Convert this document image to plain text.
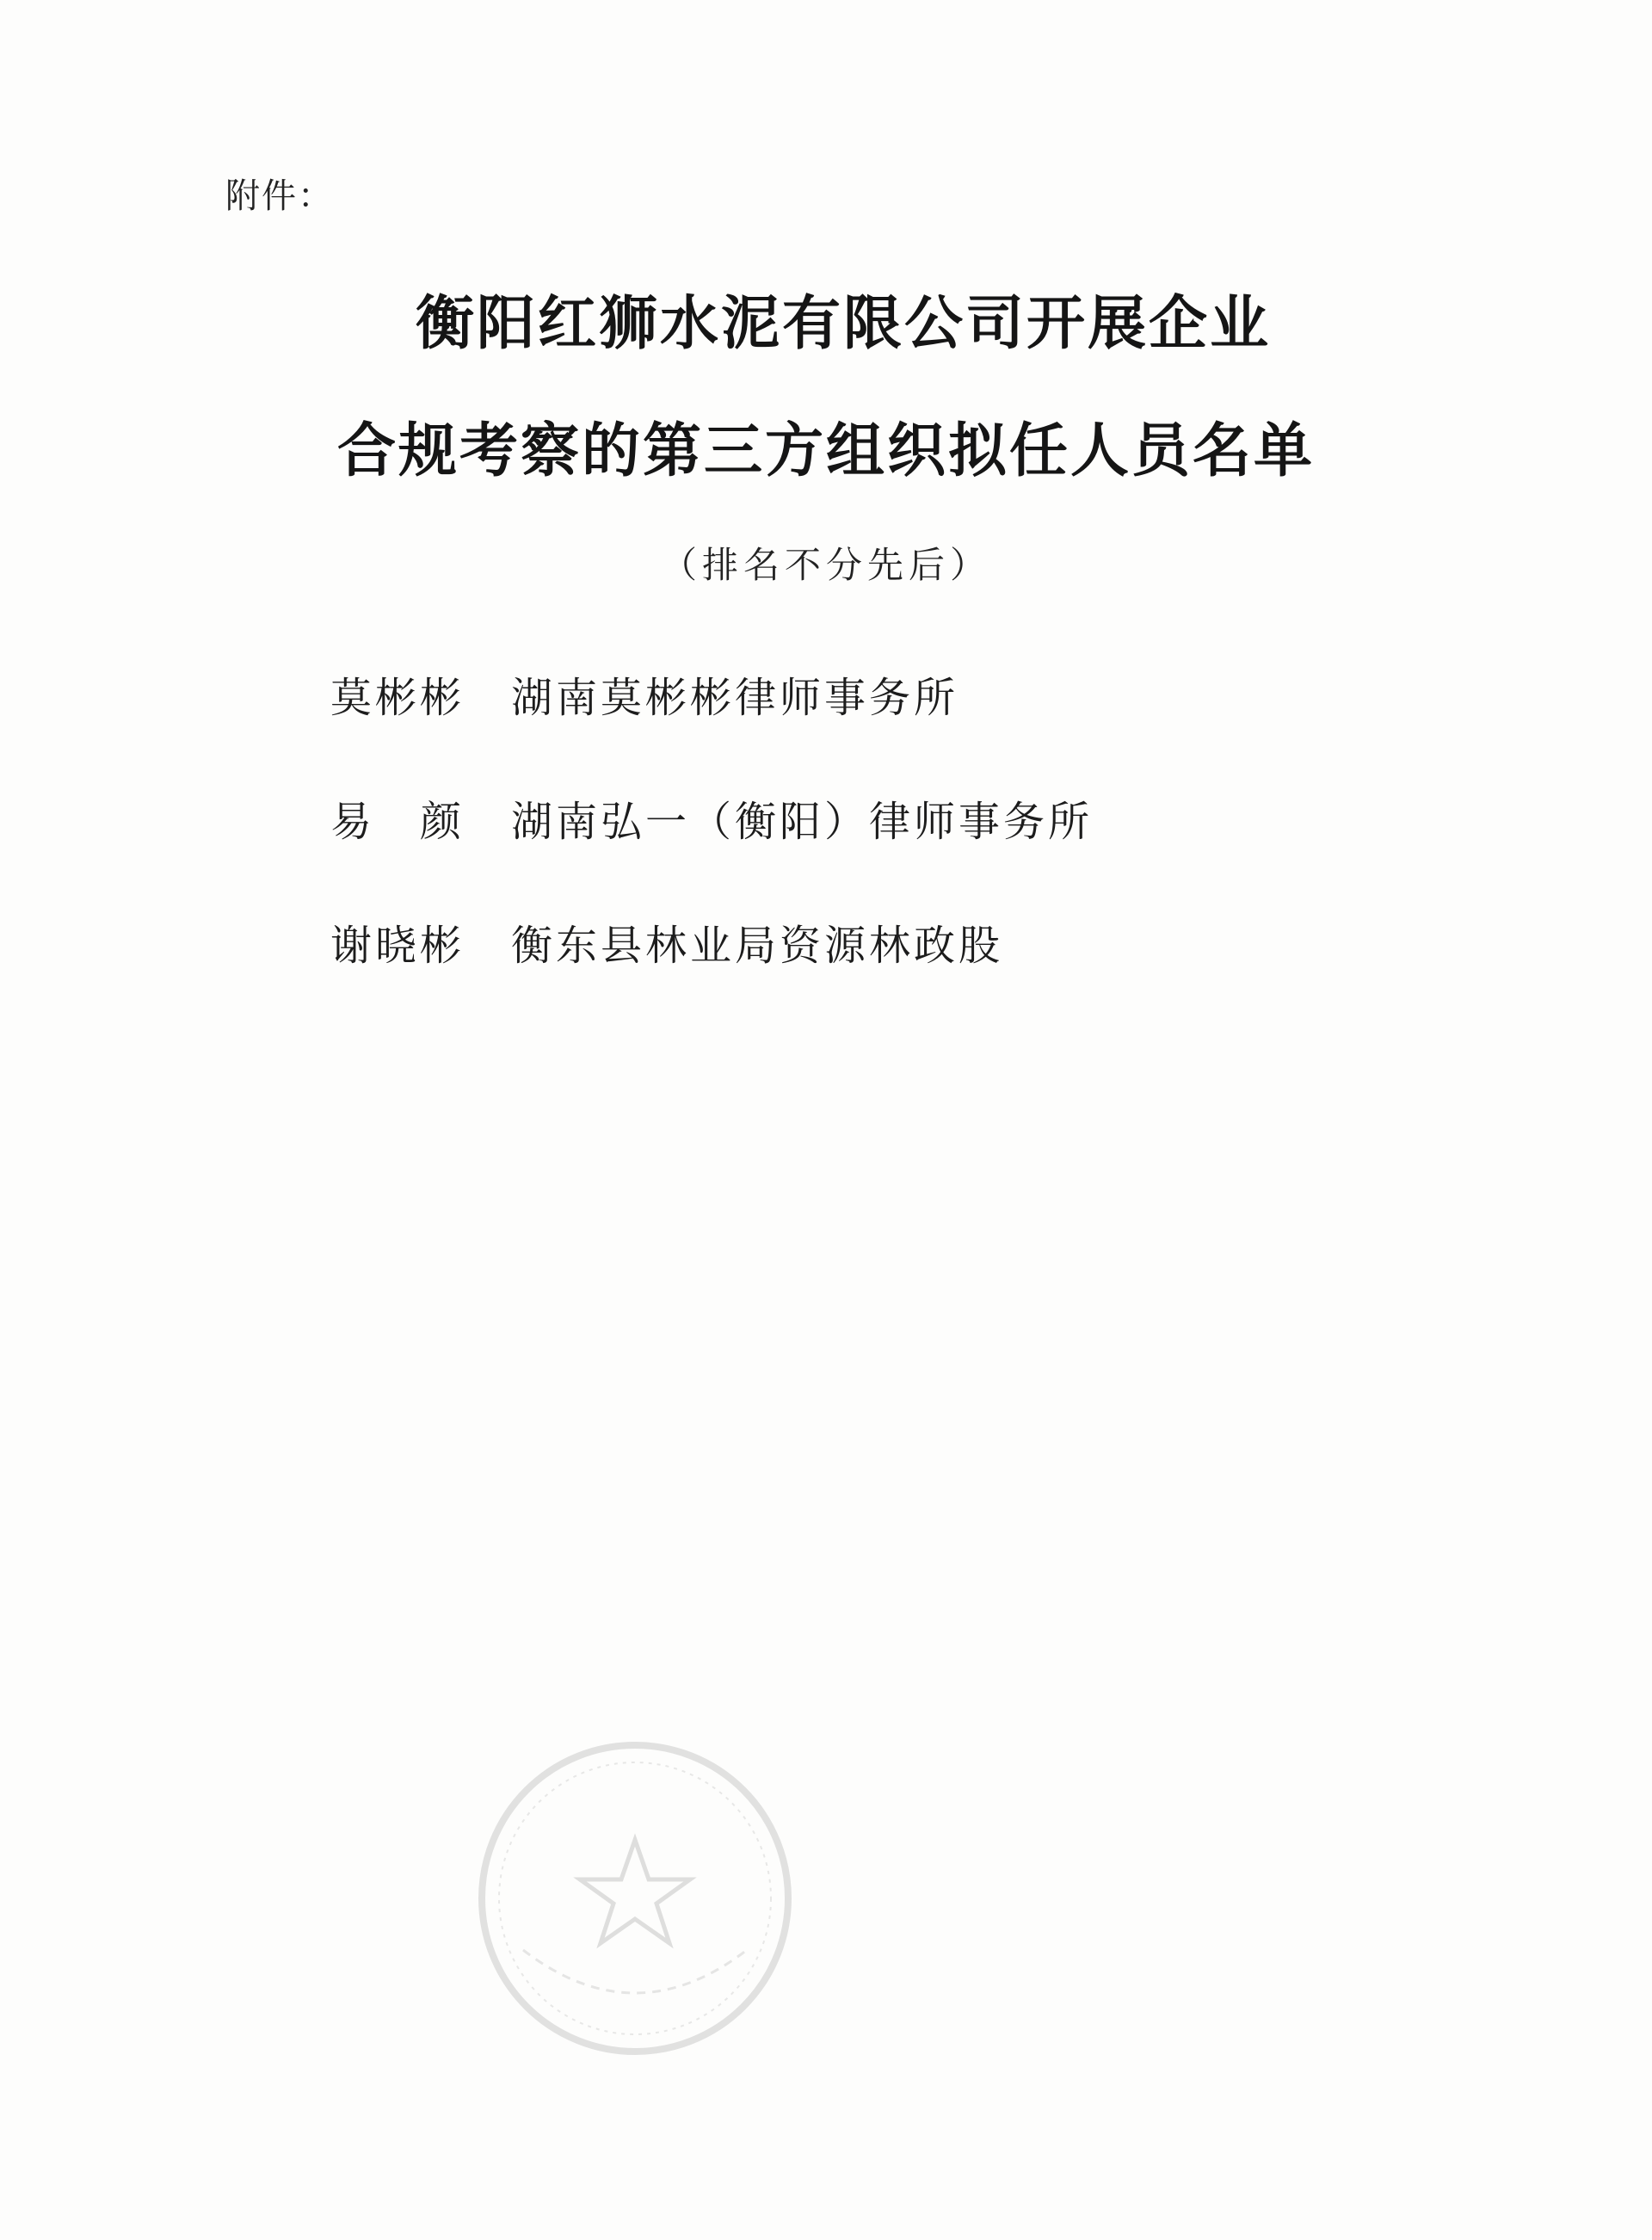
附件：
衡阳红狮水泥有限公司开展企业
合规考察的第三方组织拟任人员名单
（排名不分先后）
莫彬彬	湖南莫彬彬律师事务所
易　颜	湖南弘一（衡阳）律师事务所
谢晓彬	衡东县林业局资源林政股
